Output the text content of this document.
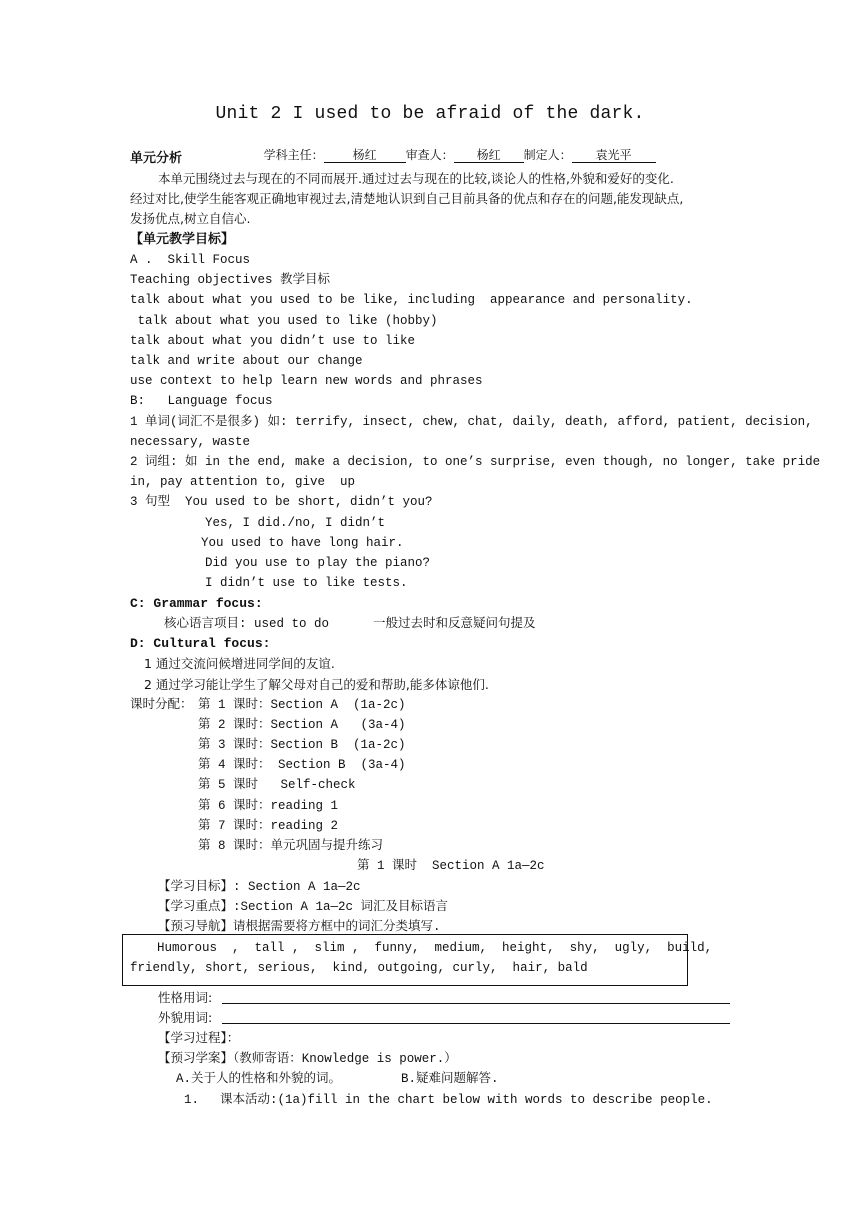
Unit 2 I used to be afraid of the dark.

学科主任： 杨红 审查人： 杨红 制定人： 袁光平

单元分析
本单元围绕过去与现在的不同而展开.通过过去与现在的比较,谈论人的性格,外貌和爱好的变化.
经过对比,使学生能客观正确地审视过去,清楚地认识到自己目前具备的优点和存在的问题,能发现缺点,
发扬优点,树立自信心.
【单元教学目标】
A .  Skill Focus
Teaching objectives 教学目标
talk about what you used to be like, including  appearance and personality.
talk about what you used to like (hobby)
talk about what you didn’t use to like
talk and write about our change
use context to help learn new words and phrases
B:   Language focus
1 单词(词汇不是很多) 如: terrify, insect, chew, chat, daily, death, afford, patient, decision,
necessary, waste
2 词组: 如 in the end, make a decision, to one’s surprise, even though, no longer, take pride
in, pay attention to, give  up
3 句型  You used to be short, didn’t you?
Yes, I did./no, I didn’t
You used to have long hair.
Did you use to play the piano?
I didn’t use to like tests.
C: Grammar focus:
核心语言项目: used to do	一般过去时和反意疑问句提及
D: Cultural focus:
1 通过交流问候增进同学间的友谊.
2 通过学习能让学生了解父母对自己的爱和帮助,能多体谅他们.
课时分配： 第 1 课时：Section A  (1a-2c)
第 2 课时：Section A   (3a-4)
第 3 课时：Section B  (1a-2c)
第 4 课时： Section B  (3a-4)
第 5 课时   Self-check
第 6 课时：reading 1
第 7 课时：reading 2
第 8 课时：单元巩固与提升练习
第 1 课时  Section A 1a—2c
【学习目标】: Section A 1a—2c
【学习重点】:Section A 1a—2c 词汇及目标语言
【预习导航】请根据需要将方框中的词汇分类填写.
Humorous  ,  tall ,  slim ,  funny,  medium,  height,  shy,  ugly,  build,
friendly, short, serious,  kind, outgoing, curly,  hair, bald
性格用词:
外貌用词:
【学习过程】：
【预习学案】（教师寄语：Knowledge is power.）
A.关于人的性格和外貌的词。	B.疑难问题解答.
1. 课本活动:(1a)fill in the chart below with words to describe people.
